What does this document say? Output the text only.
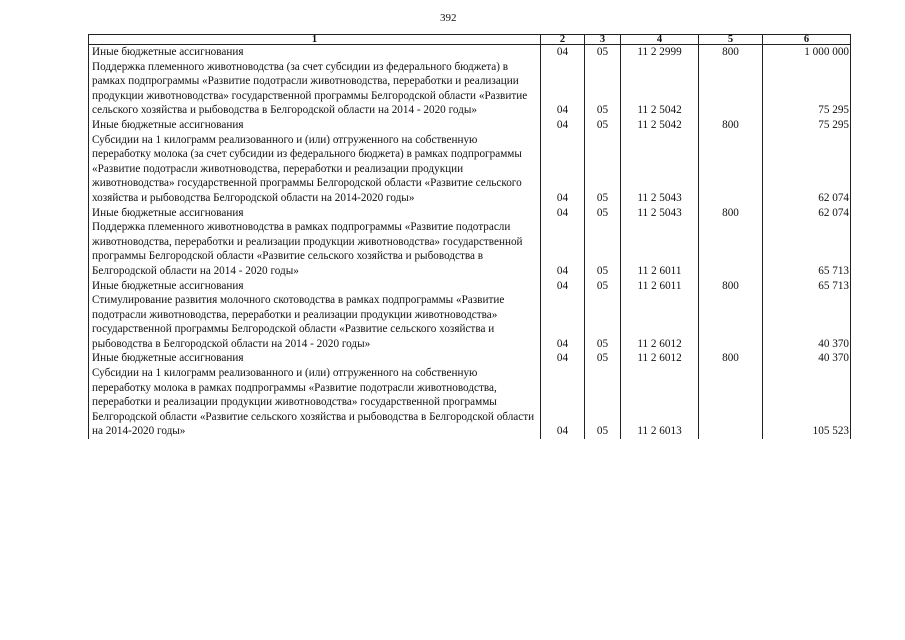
392
1	2	3	4	5	6
Иные бюджетные ассигнования	04	05	11 2 2999	800	1 000 000
Поддержка племенного животноводства (за счет субсидии из федерального бюджета) в рамках подпрограммы «Развитие подотрасли животноводства, переработки и реализации продукции животноводства» государственной программы Белгородской области «Развитие сельского хозяйства и рыбоводства в Белгородской области на 2014 - 2020 годы»	04	05	11 2 5042		75 295
Иные бюджетные ассигнования	04	05	11 2 5042	800	75 295
Субсидии на 1 килограмм реализованного и (или) отгруженного на собственную переработку молока (за счет субсидии из федерального бюджета) в рамках подпрограммы «Развитие подотрасли животноводства, переработки и реализации продукции животноводства» государственной программы Белгородской области «Развитие сельского хозяйства и рыбоводства Белгородской области на 2014-2020 годы»	04	05	11 2 5043		62 074
Иные бюджетные ассигнования	04	05	11 2 5043	800	62 074
Поддержка племенного животноводства в рамках подпрограммы «Развитие подотрасли животноводства, переработки и реализации продукции животноводства» государственной программы Белгородской области «Развитие сельского хозяйства и рыбоводства в Белгородской области на 2014 - 2020 годы»	04	05	11 2 6011		65 713
Иные бюджетные ассигнования	04	05	11 2 6011	800	65 713
Стимулирование развития молочного скотоводства в рамках подпрограммы «Развитие подотрасли животноводства, переработки и реализации продукции животноводства» государственной программы Белгородской области «Развитие сельского хозяйства и рыбоводства в Белгородской области на 2014 - 2020 годы»	04	05	11 2 6012		40 370
Иные бюджетные ассигнования	04	05	11 2 6012	800	40 370
Субсидии на 1 килограмм реализованного и (или) отгруженного на собственную переработку молока в рамках подпрограммы «Развитие подотрасли животноводства, переработки и реализации продукции животноводства» государственной программы Белгородской области «Развитие сельского хозяйства и рыбоводства в Белгородской области на 2014-2020 годы»	04	05	11 2 6013		105 523
